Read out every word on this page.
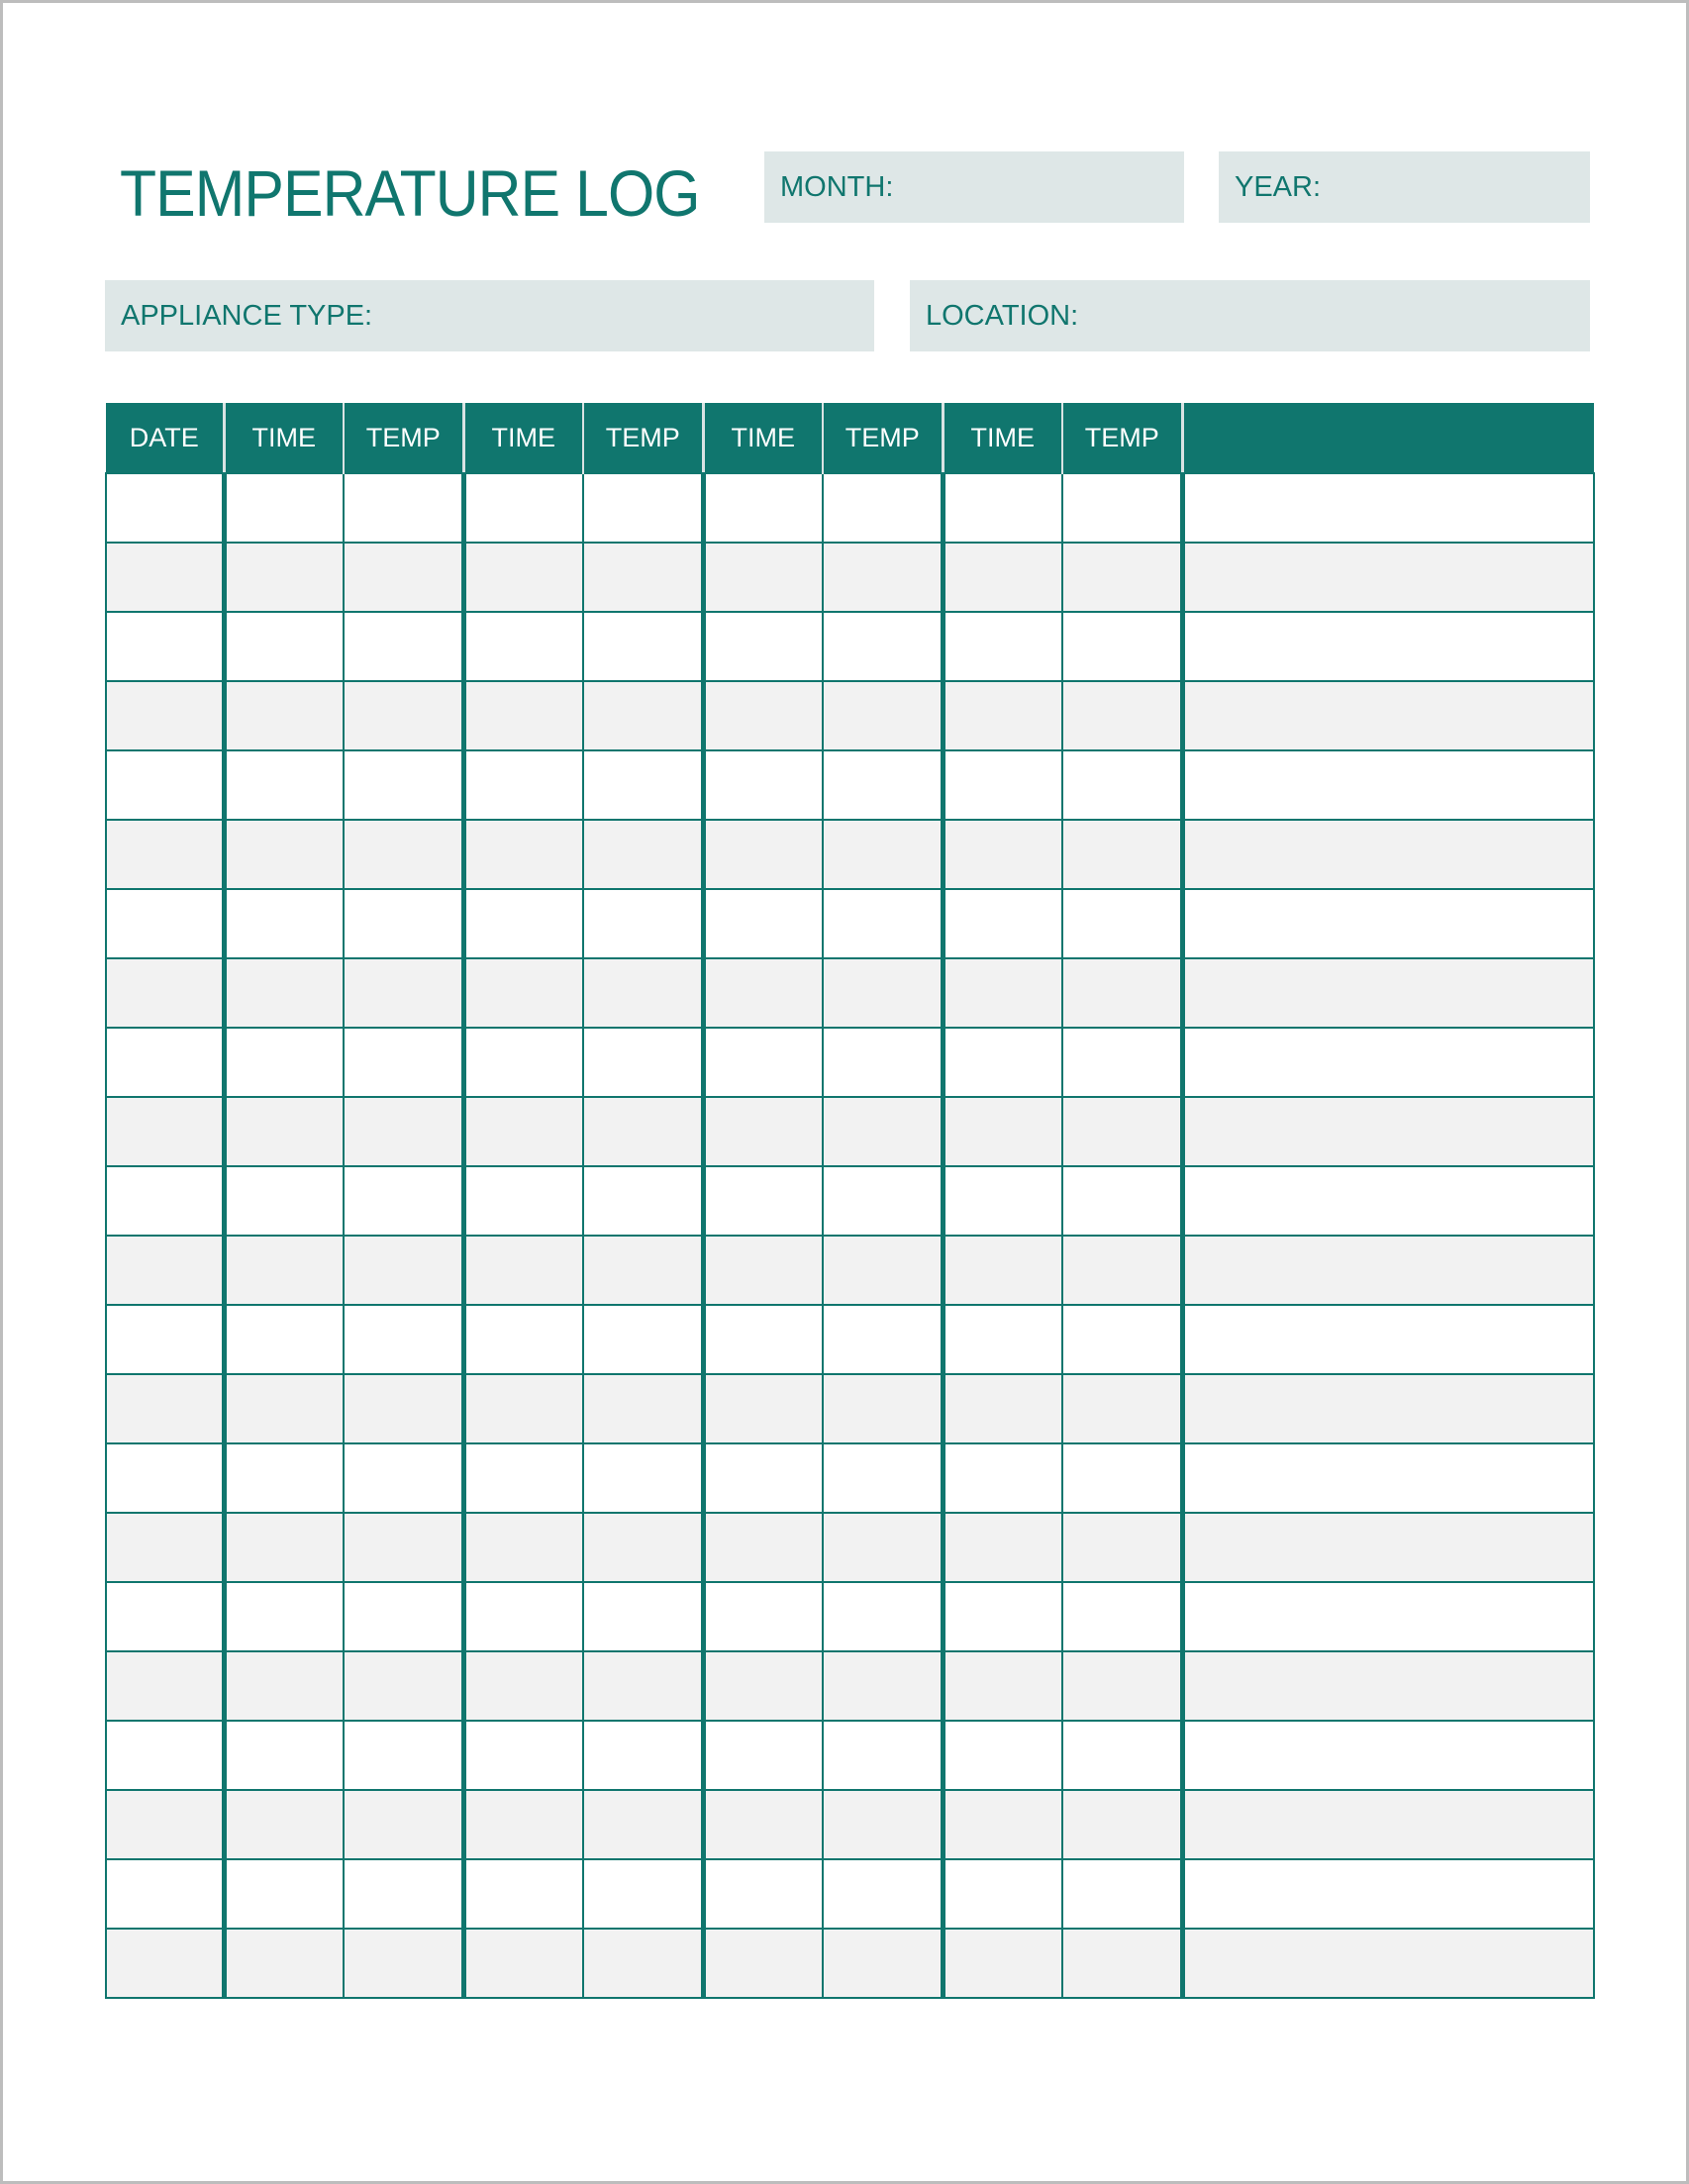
TEMPERATURE LOG	MONTH:	YEAR:
APPLIANCE TYPE:	LOCATION:
DATE	TIME	TEMP	TIME	TEMP	TIME	TEMP	TIME	TEMP	
